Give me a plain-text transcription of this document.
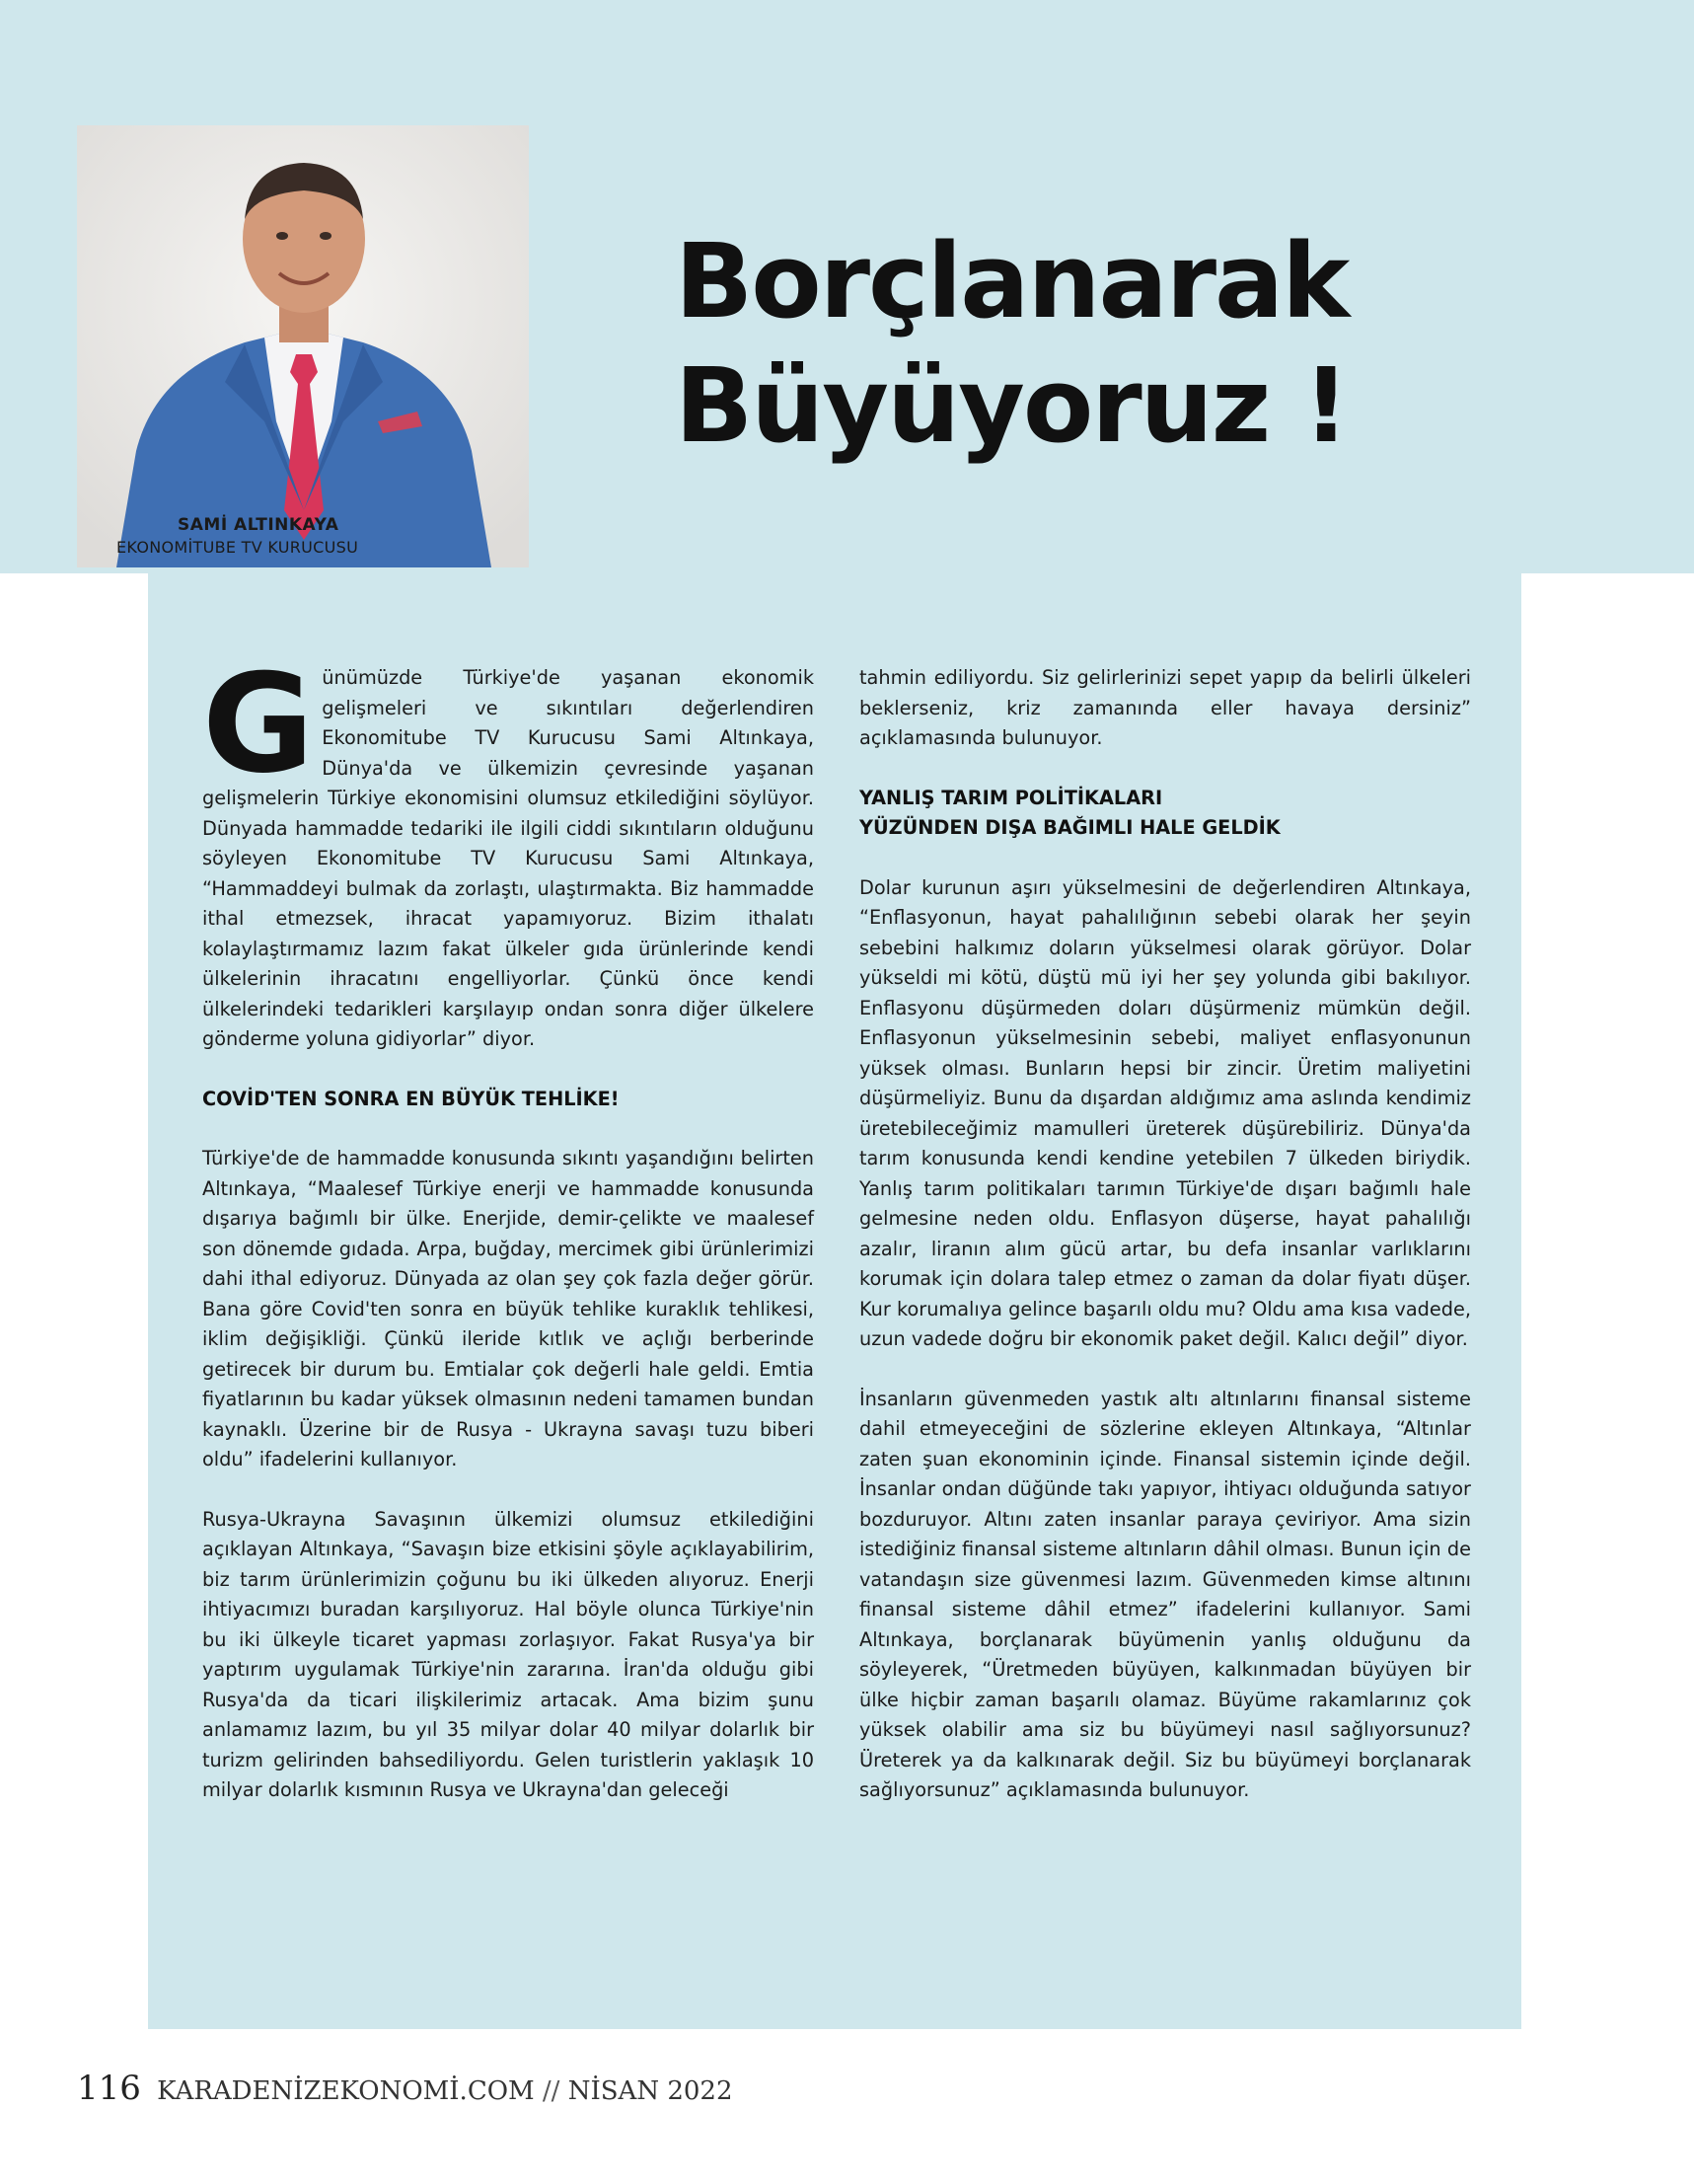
SAMİ ALTINKAYA
EKONOMİTUBE TV KURUCUSU
Borçlanarak
Büyüyoruz !

Günümüzde Türkiye'de yaşanan ekonomik gelişmeleri ve sıkıntıları değerlendiren Ekonomitube TV Kurucusu Sami Altınkaya, Dünya'da ve ülkemizin çevresinde yaşanan gelişmelerin Türkiye ekonomisini olumsuz etkilediğini söylüyor. Dünyada hammadde tedariki ile ilgili ciddi sıkıntıların olduğunu söyleyen Ekonomitube TV Kurucusu Sami Altınkaya, “Hammaddeyi bulmak da zorlaştı, ulaştırmakta. Biz hammadde ithal etmezsek, ihracat yapamıyoruz. Bizim ithalatı kolaylaştırmamız lazım fakat ülkeler gıda ürünlerinde kendi ülkelerinin ihracatını engelliyorlar. Çünkü önce kendi ülkelerindeki tedarikleri karşılayıp ondan sonra diğer ülkelere gönderme yoluna gidiyorlar” diyor.

COVİD'TEN SONRA EN BÜYÜK TEHLİKE!

Türkiye'de de hammadde konusunda sıkıntı yaşandığını belirten Altınkaya, “Maalesef Türkiye enerji ve hammadde konusunda dışarıya bağımlı bir ülke. Enerjide, demir-çelikte ve maalesef son dönemde gıdada. Arpa, buğday, mercimek gibi ürünlerimizi dahi ithal ediyoruz. Dünyada az olan şey çok fazla değer görür. Bana göre Covid'ten sonra en büyük tehlike kuraklık tehlikesi, iklim değişikliği. Çünkü ileride kıtlık ve açlığı berberinde getirecek bir durum bu. Emtialar çok değerli hale geldi. Emtia fiyatlarının bu kadar yüksek olmasının nedeni tamamen bundan kaynaklı. Üzerine bir de Rusya - Ukrayna savaşı tuzu biberi oldu” ifadelerini kullanıyor.

Rusya-Ukrayna Savaşının ülkemizi olumsuz etkilediğini açıklayan Altınkaya, “Savaşın bize etkisini şöyle açıklayabilirim, biz tarım ürünlerimizin çoğunu bu iki ülkeden alıyoruz. Enerji ihtiyacımızı buradan karşılıyoruz. Hal böyle olunca Türkiye'nin bu iki ülkeyle ticaret yapması zorlaşıyor. Fakat Rusya'ya bir yaptırım uygulamak Türkiye'nin zararına. İran'da olduğu gibi Rusya'da da ticari ilişkilerimiz artacak. Ama bizim şunu anlamamız lazım, bu yıl 35 milyar dolar 40 milyar dolarlık bir turizm gelirinden bahsediliyordu. Gelen turistlerin yaklaşık 10 milyar dolarlık kısmının Rusya ve Ukrayna'dan geleceği

tahmin ediliyordu. Siz gelirlerinizi sepet yapıp da belirli ülkeleri beklerseniz, kriz zamanında eller havaya dersiniz” açıklamasında bulunuyor.

YANLIŞ TARIM POLİTİKALARI
YÜZÜNDEN DIŞA BAĞIMLI HALE GELDİK

Dolar kurunun aşırı yükselmesini de değerlendiren Altınkaya, “Enflasyonun, hayat pahalılığının sebebi olarak her şeyin sebebini halkımız doların yükselmesi olarak görüyor. Dolar yükseldi mi kötü, düştü mü iyi her şey yolunda gibi bakılıyor. Enflasyonu düşürmeden doları düşürmeniz mümkün değil. Enflasyonun yükselmesinin sebebi, maliyet enflasyonunun yüksek olması. Bunların hepsi bir zincir. Üretim maliyetini düşürmeliyiz. Bunu da dışardan aldığımız ama aslında kendimiz üretebileceğimiz mamulleri üreterek düşürebiliriz. Dünya'da tarım konusunda kendi kendine yetebilen 7 ülkeden biriydik. Yanlış tarım politikaları tarımın Türkiye'de dışarı bağımlı hale gelmesine neden oldu. Enflasyon düşerse, hayat pahalılığı azalır, liranın alım gücü artar, bu defa insanlar varlıklarını korumak için dolara talep etmez o zaman da dolar fiyatı düşer. Kur korumalıya gelince başarılı oldu mu? Oldu ama kısa vadede, uzun vadede doğru bir ekonomik paket değil. Kalıcı değil” diyor.

İnsanların güvenmeden yastık altı altınlarını finansal sisteme dahil etmeyeceğini de sözlerine ekleyen Altınkaya, “Altınlar zaten şuan ekonominin içinde. Finansal sistemin içinde değil. İnsanlar ondan düğünde takı yapıyor, ihtiyacı olduğunda satıyor bozduruyor. Altını zaten insanlar paraya çeviriyor. Ama sizin istediğiniz finansal sisteme altınların dâhil olması. Bunun için de vatandaşın size güvenmesi lazım. Güvenmeden kimse altınını finansal sisteme dâhil etmez” ifadelerini kullanıyor. Sami Altınkaya, borçlanarak büyümenin yanlış olduğunu da söyleyerek, “Üretmeden büyüyen, kalkınmadan büyüyen bir ülke hiçbir zaman başarılı olamaz. Büyüme rakamlarınız çok yüksek olabilir ama siz bu büyümeyi nasıl sağlıyorsunuz? Üreterek ya da kalkınarak değil. Siz bu büyümeyi borçlanarak sağlıyorsunuz” açıklamasında bulunuyor.

116 KARADENİZEKONOMİ.COM // NİSAN 2022
